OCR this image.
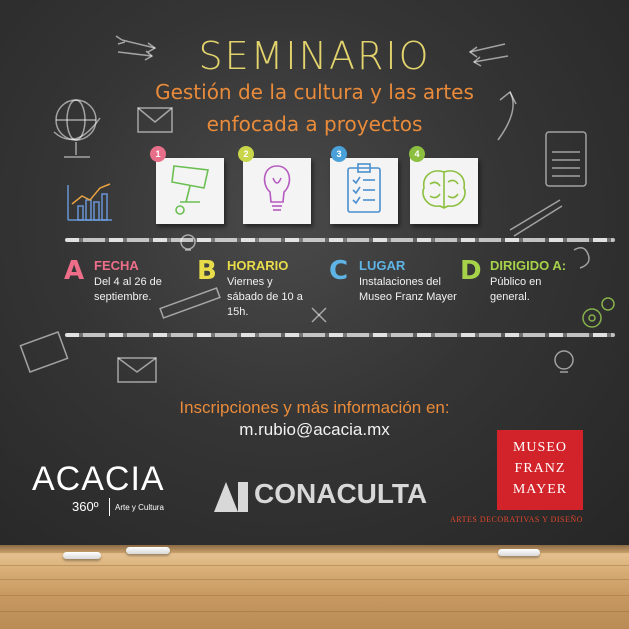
SEMINARIO
Gestión de la cultura y las artes
enfocada a proyectos
1	2	3	4
A FECHA
Del 4 al 26 de septiembre.
B HORARIO
Viernes y sábado de 10 a 15h.
C LUGAR
Instalaciones del Museo Franz Mayer
D DIRIGIDO A:
Público en general.
Inscripciones y más información en:
m.rubio@acacia.mx
ACACIA
360º Arte y Cultura	CONACULTA
MUSEO
FRANZ
MAYER
ARTES DECORATIVAS Y DISEÑO
